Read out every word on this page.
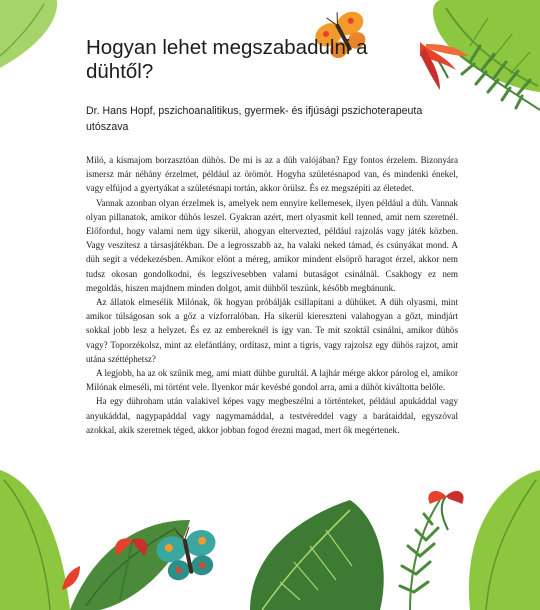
Hogyan lehet megszabadulni a dühtől?

Dr. Hans Hopf, pszichoanalitikus, gyermek- és ifjúsági pszichoterapeuta utószava

Miló, a kismajom borzasztóan dühös. De mi is az a düh valójában? Egy fontos érzelem. Bizonyára ismersz már néhány érzelmet, például az örömöt. Hogyha születésnapod van, és mindenki énekel, vagy elfújod a gyertyákat a születésnapi tortán, akkor örülsz. És ez megszépíti az életedet.

Vannak azonban olyan érzelmek is, amelyek nem ennyire kellemesek, ilyen például a düh. Vannak olyan pillanatok, amikor dühös leszel. Gyakran azért, mert olyasmit kell tenned, amit nem szeretnél. Előfordul, hogy valami nem úgy sikerül, ahogyan eltervezted, például rajzolás vagy játék közben. Vagy veszítesz a társasjátékban. De a legrosszabb az, ha valaki neked támad, és csúnyákat mond. A düh segít a védekezésben. Amikor elönt a méreg, amikor mindent elsöprő haragot érzel, akkor nem tudsz okosan gondolkodni, és legszívesebben valami butaságot csinálnál. Csakhogy ez nem megoldás, hiszen majdnem minden dolgot, amit dühből teszünk, később megbánunk.

Az állatok elmesélik Milónak, ők hogyan próbálják csillapítani a dühüket. A düh olyasmi, mint amikor túlságosan sok a gőz a vízforralóban. Ha sikerül kiereszteni valahogyan a gőzt, mindjárt sokkal jobb lesz a helyzet. És ez az embereknél is így van. Te mit szoktál csinálni, amikor dühös vagy? Toporzékolsz, mint az elefántlány, ordítasz, mint a tigris, vagy rajzolsz egy dühös rajzot, amit utána széttéphetsz?

A legjobb, ha az ok szűnik meg, ami miatt dühbe gurultál. A lajhár mérge akkor párolog el, amikor Milónak elmeséli, mi történt vele. Ilyenkor már kevésbé gondol arra, ami a dühöt kiváltotta belőle.

Ha egy dühroham után valakivel képes vagy megbeszélni a történteket, például apukáddal vagy anyukáddal, nagypapáddal vagy nagymamáddal, a testvéreddel vagy a barátaiddal, egyszóval azokkal, akik szeretnek téged, akkor jobban fogod érezni magad, mert ők megértenek.
